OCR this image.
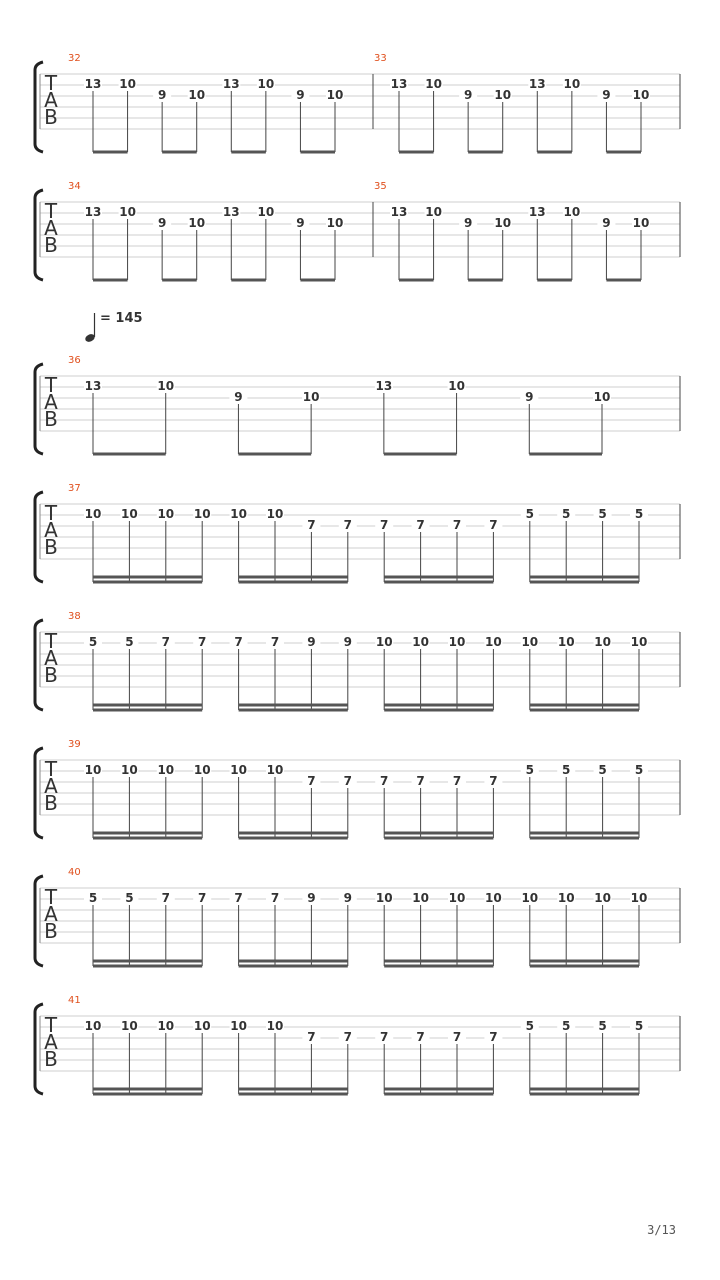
T
A
B
32
13 10
9 10
13 10
9 10
33
13 10
9 10
13 10
9 10
T
A
B
34
13 10
9 10
13 10
9 10
35
13 10
9 10
13 10
9 10
T
A
B
36
13	10
9	10
13	10
9	10
= 145
T
A
B
37
10 10 10 10 10 10
7 7 7 7 7 7
5 5 5 5
T
A
B
38
5 5 7 7 7 7 9 9 10 10 10 10 10 10 10 10
T
A
B
39
10 10 10 10 10 10
7 7 7 7 7 7
5 5 5 5
T
A
B
40
5 5 7 7 7 7 9 9 10 10 10 10 10 10 10 10
T
A
B
41
10 10 10 10 10 10
7 7 7 7 7 7
5 5 5 5
3/13
